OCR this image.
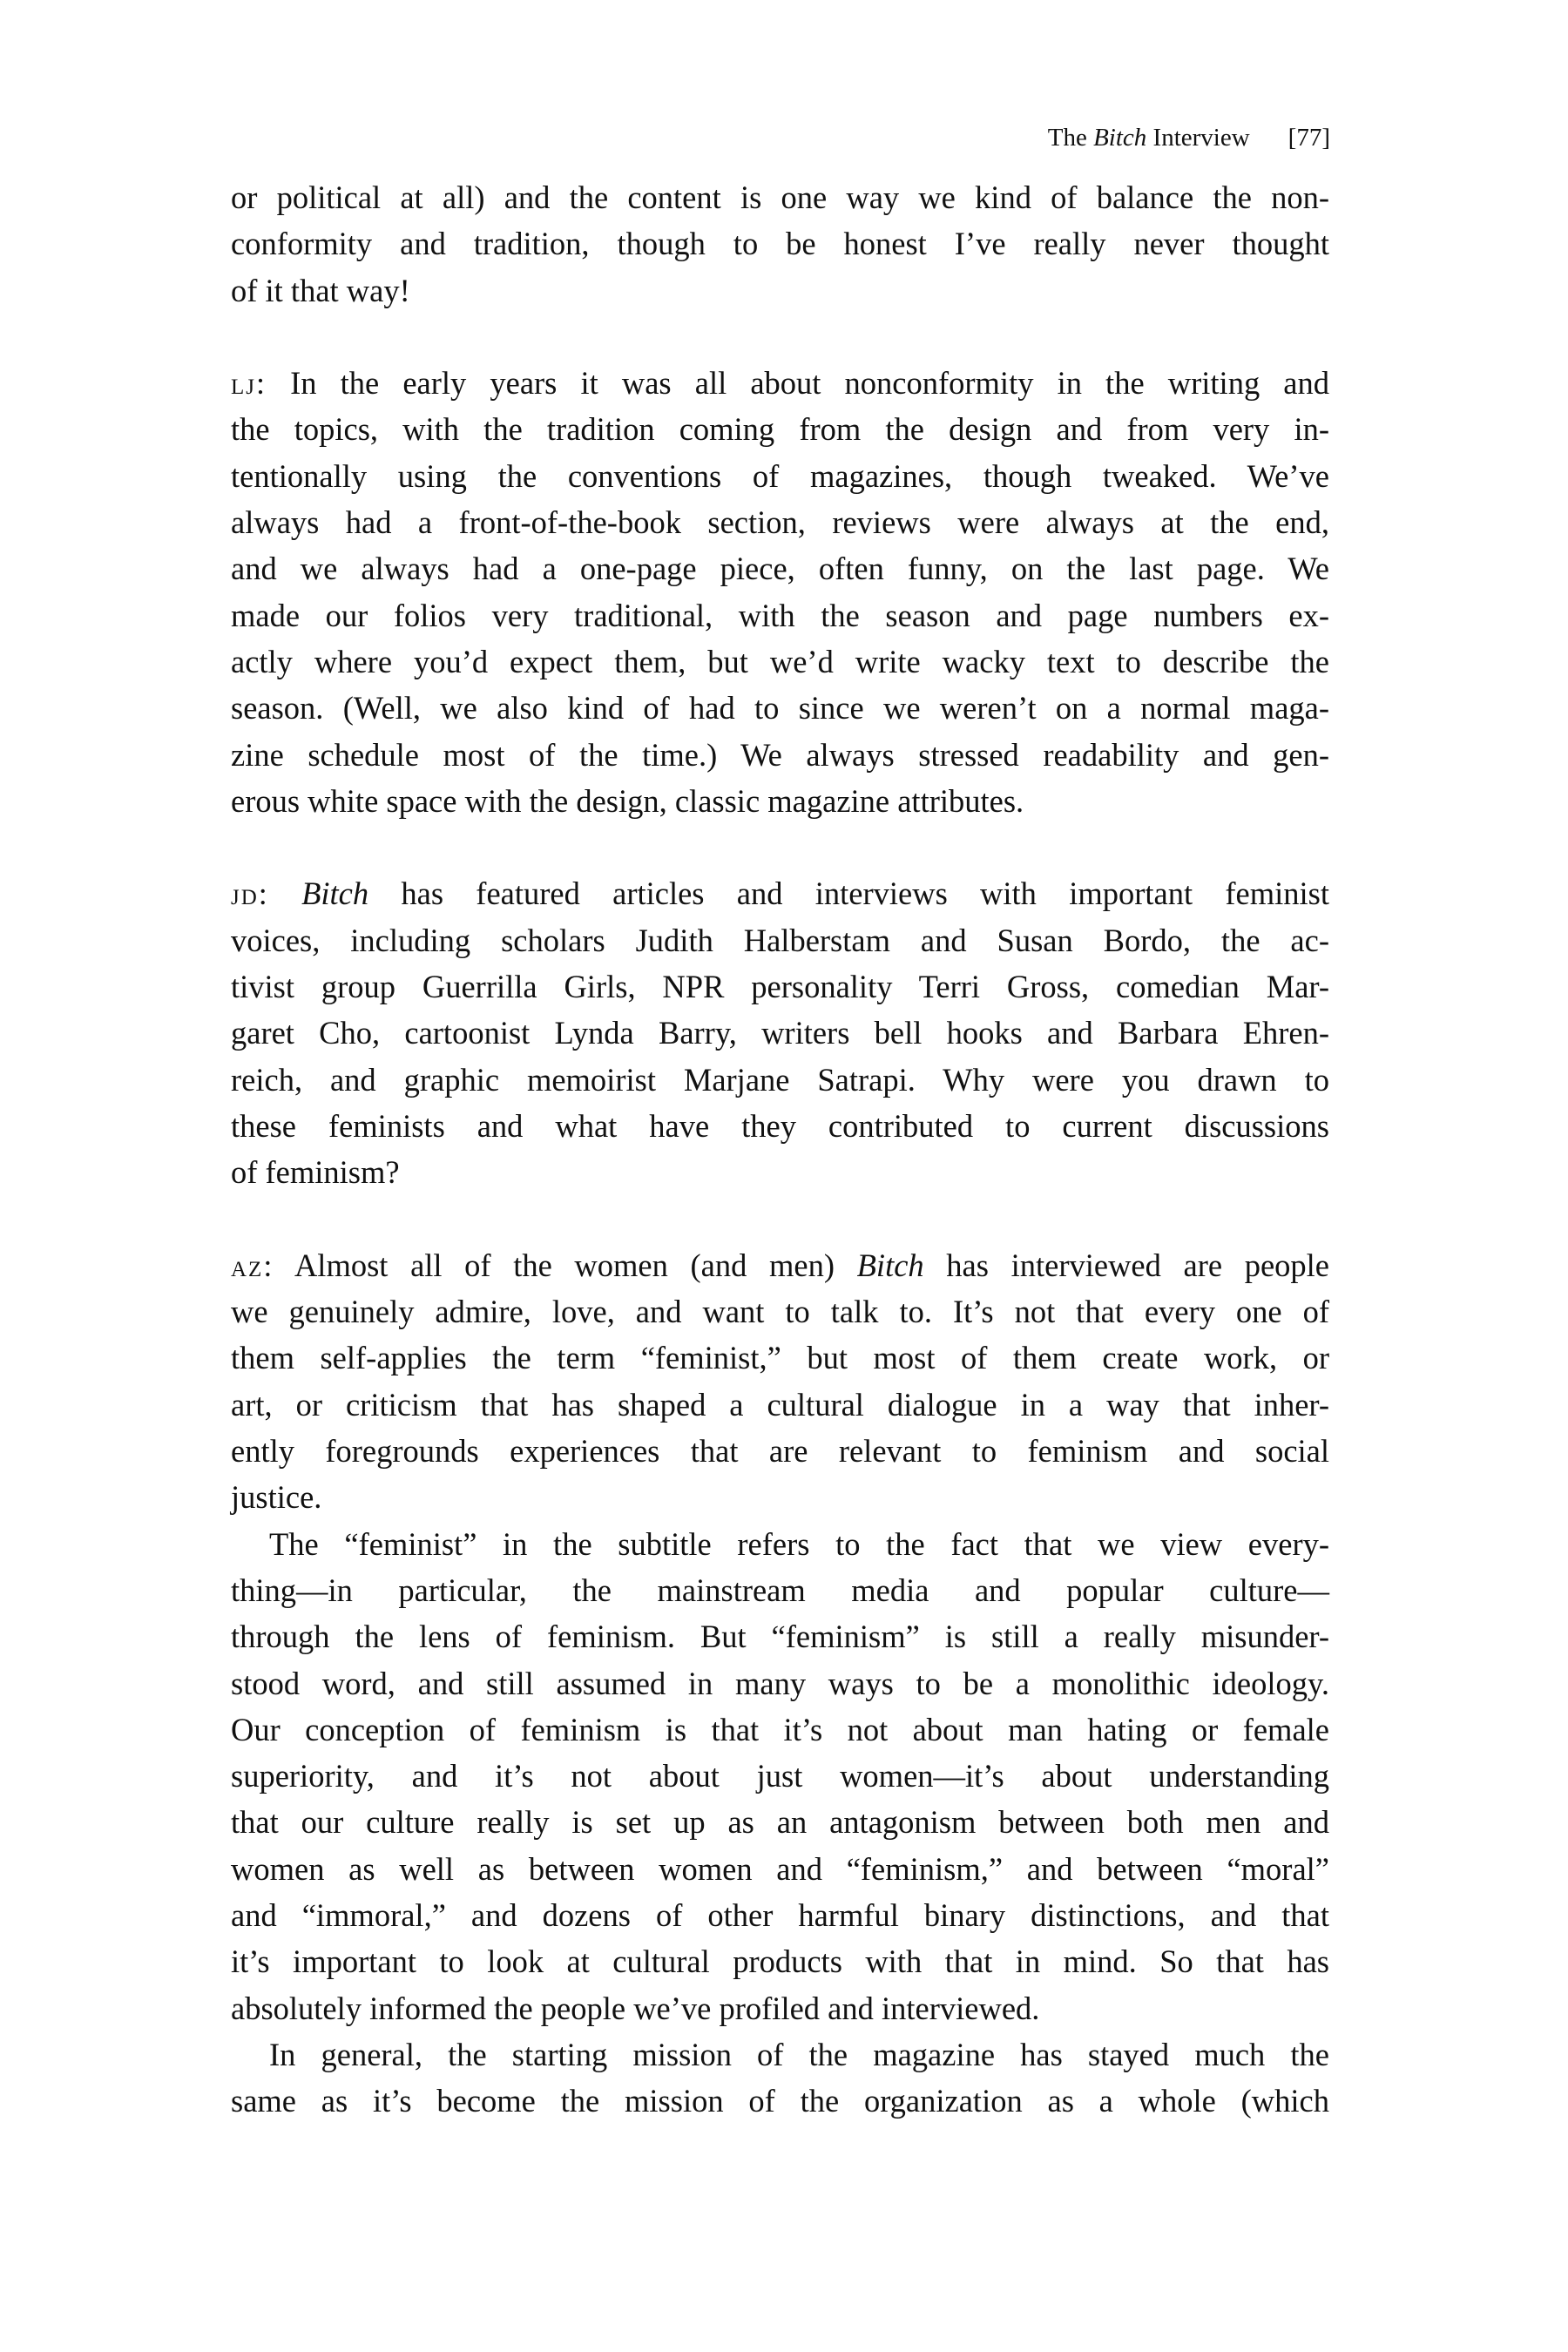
The Bitch Interview [77]
or political at all) and the content is one way we kind of balance the non-
conformity and tradition, though to be honest I’ve really never thought
of it that way!
lj: In the early years it was all about nonconformity in the writing and
the topics, with the tradition coming from the design and from very in-
tentionally using the conventions of magazines, though tweaked. We’ve
always had a front-of-the-book section, reviews were always at the end,
and we always had a one-page piece, often funny, on the last page. We
made our folios very traditional, with the season and page numbers ex-
actly where you’d expect them, but we’d write wacky text to describe the
season. (Well, we also kind of had to since we weren’t on a normal maga-
zine schedule most of the time.) We always stressed readability and gen-
erous white space with the design, classic magazine attributes.
jd: Bitch has featured articles and interviews with important feminist
voices, including scholars Judith Halberstam and Susan Bordo, the ac-
tivist group Guerrilla Girls, NPR personality Terri Gross, comedian Mar-
garet Cho, cartoonist Lynda Barry, writers bell hooks and Barbara Ehren-
reich, and graphic memoirist Marjane Satrapi. Why were you drawn to
these feminists and what have they contributed to current discussions
of feminism?
az: Almost all of the women (and men) Bitch has interviewed are people
we genuinely admire, love, and want to talk to. It’s not that every one of
them self-applies the term “feminist,” but most of them create work, or
art, or criticism that has shaped a cultural dialogue in a way that inher-
ently foregrounds experiences that are relevant to feminism and social
justice.
The “feminist” in the subtitle refers to the fact that we view every-
thing—in particular, the mainstream media and popular culture—
through the lens of feminism. But “feminism” is still a really misunder-
stood word, and still assumed in many ways to be a monolithic ideology.
Our conception of feminism is that it’s not about man hating or female
superiority, and it’s not about just women—it’s about understanding
that our culture really is set up as an antagonism between both men and
women as well as between women and “feminism,” and between “moral”
and “immoral,” and dozens of other harmful binary distinctions, and that
it’s important to look at cultural products with that in mind. So that has
absolutely informed the people we’ve profiled and interviewed.
In general, the starting mission of the magazine has stayed much the
same as it’s become the mission of the organization as a whole (which
